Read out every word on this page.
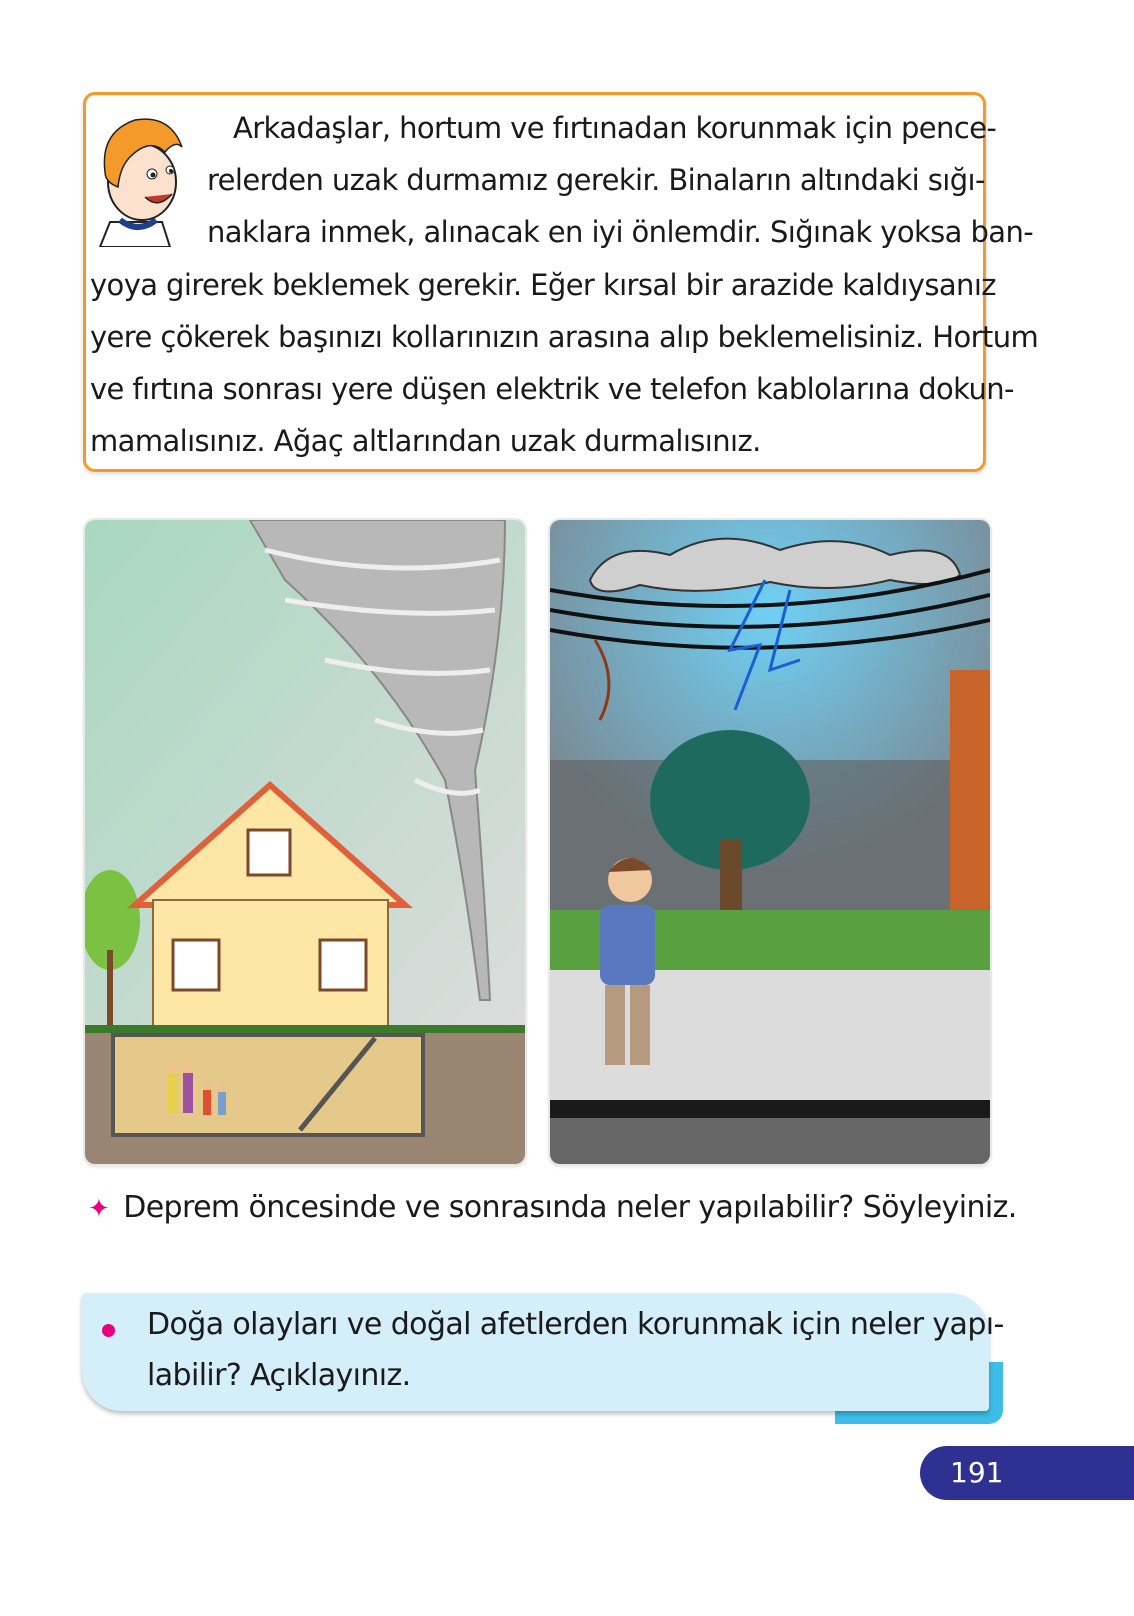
Arkadaşlar, hortum ve fırtınadan korunmak için pence-
relerden uzak durmamız gerekir. Binaların altındaki sığı-
naklara inmek, alınacak en iyi önlemdir. Sığınak yoksa ban-
yoya girerek beklemek gerekir. Eğer kırsal bir arazide kaldıysanız
yere çökerek başınızı kollarınızın arasına alıp beklemelisiniz. Hortum
ve fırtına sonrası yere düşen elektrik ve telefon kablolarına dokun-
mamalısınız. Ağaç altlarından uzak durmalısınız.
✦ Deprem öncesinde ve sonrasında neler yapılabilir? Söyleyiniz.
Doğa olayları ve doğal afetlerden korunmak için neler yapı-
labilir? Açıklayınız.
191
